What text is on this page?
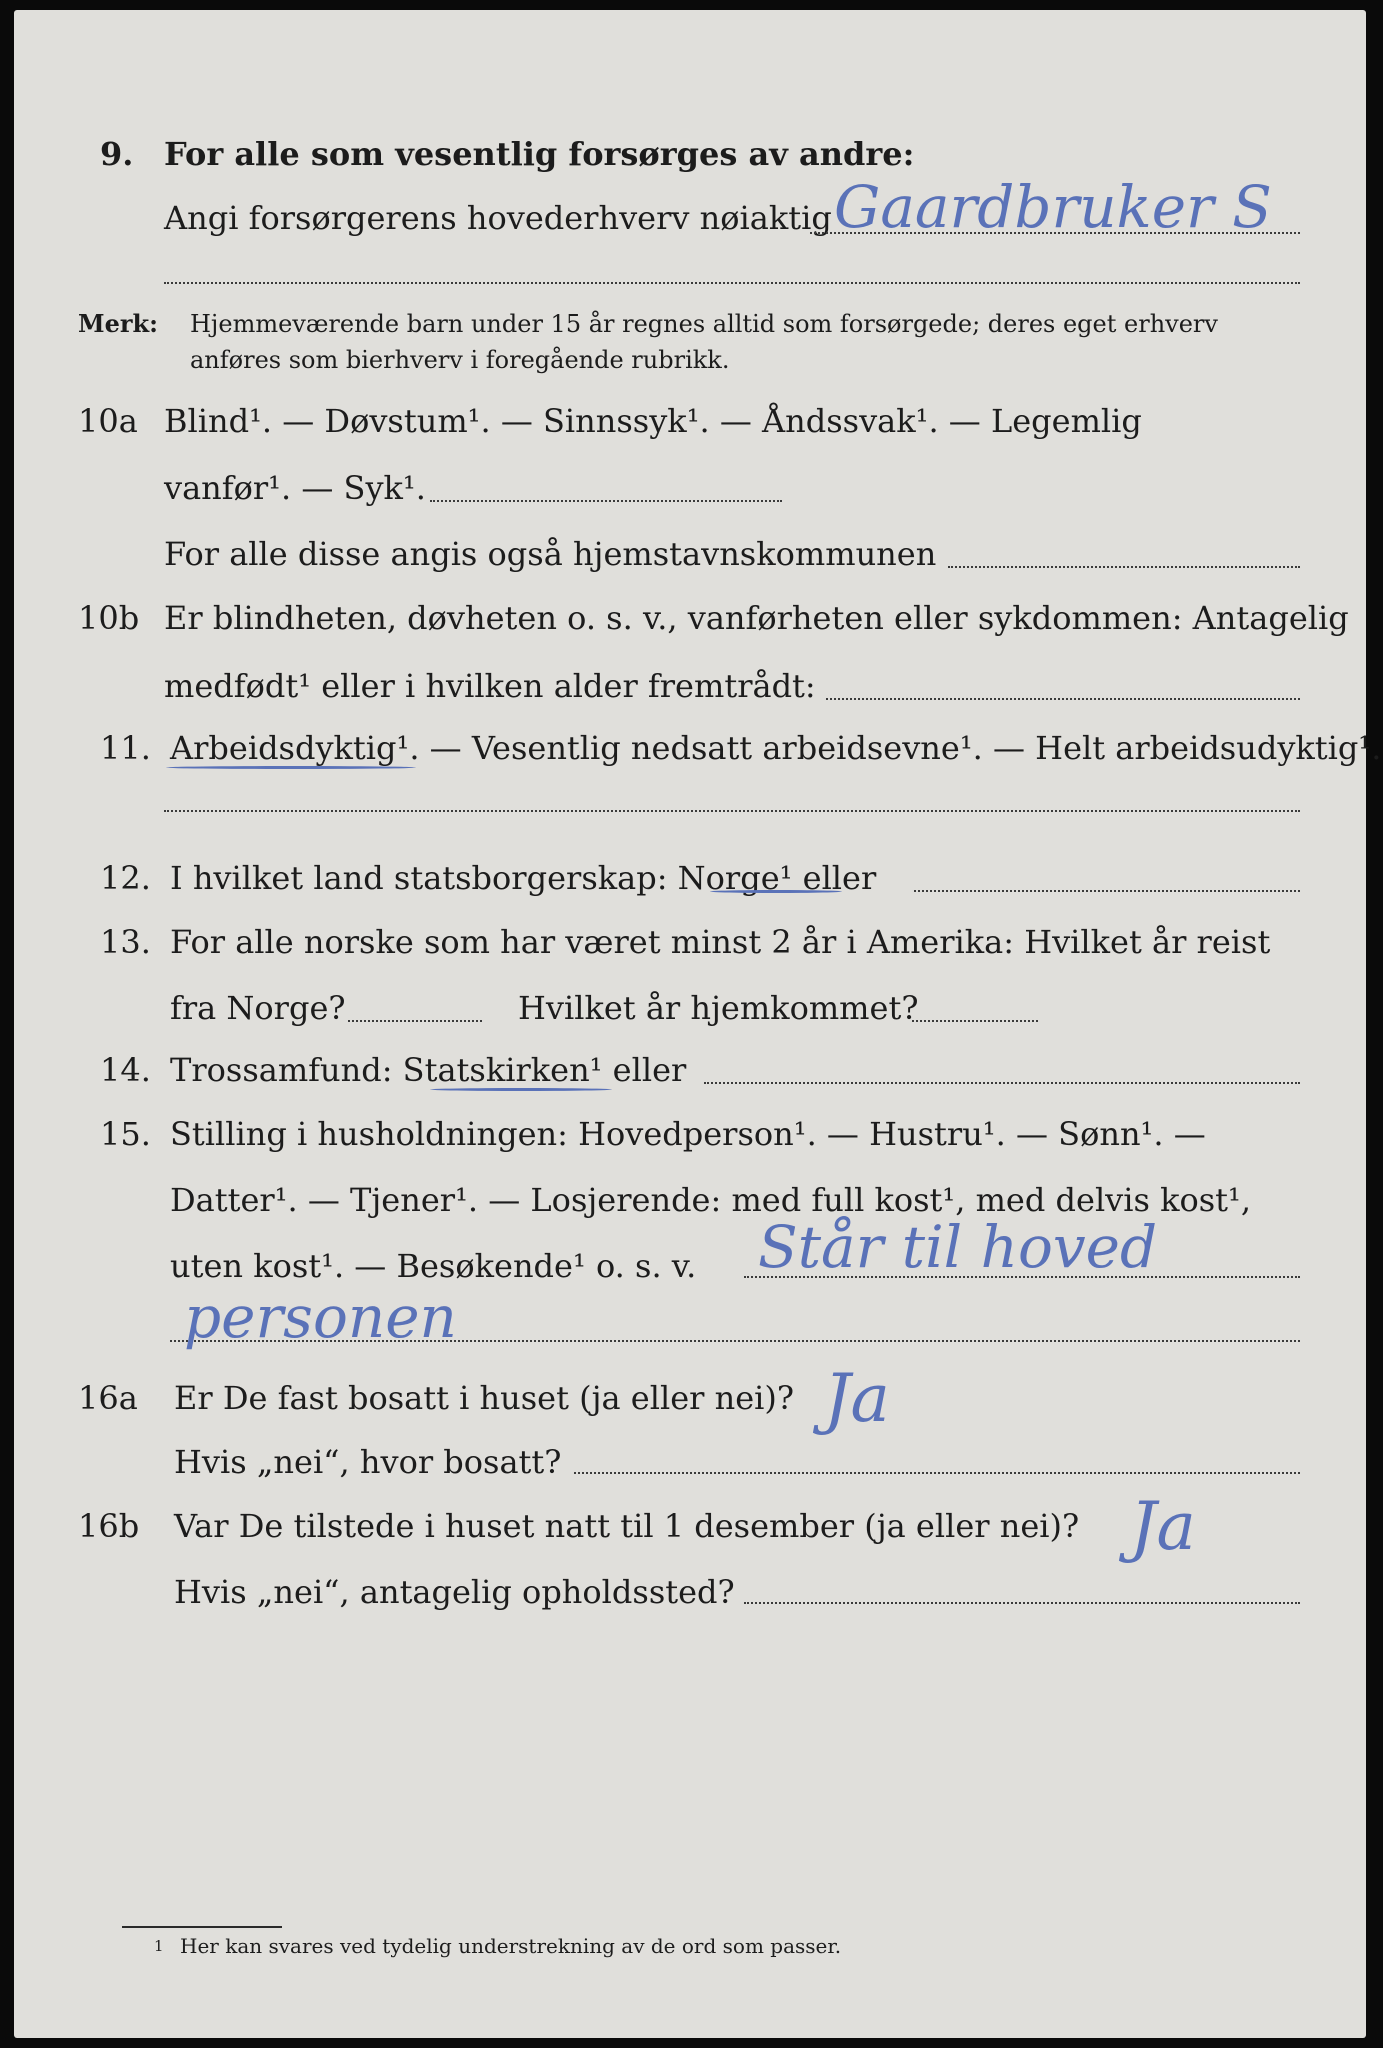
9. For alle som vesentlig forsørges av andre:
Angi forsørgerens hovederhverv nøiaktig Gaardbruker S
Merk: Hjemmeværende barn under 15 år regnes alltid som forsørgede; deres eget erhverv
anføres som bierhverv i foregående rubrikk.
10a Blind¹. — Døvstum¹. — Sinnssyk¹. — Åndssvak¹. — Legemlig
vanfør¹. — Syk¹.
For alle disse angis også hjemstavnskommunen
10b Er blindheten, døvheten o. s. v., vanførheten eller sykdommen: Antagelig
medfødt¹ eller i hvilken alder fremtrådt:
11. Arbeidsdyktig¹. — Vesentlig nedsatt arbeidsevne¹. — Helt arbeidsudyktig¹.
12. I hvilket land statsborgerskap: Norge¹ eller
13. For alle norske som har været minst 2 år i Amerika: Hvilket år reist
fra Norge?	Hvilket år hjemkommet?
14. Trossamfund: Statskirken¹ eller
15. Stilling i husholdningen: Hovedperson¹. — Hustru¹. — Sønn¹. —
Datter¹. — Tjener¹. — Losjerende: med full kost¹, med delvis kost¹,
uten kost¹. — Besøkende¹ o. s. v. Står til hoved
personen
16a Er De fast bosatt i huset (ja eller nei)? Ja
Hvis „nei“, hvor bosatt?
16b Var De tilstede i huset natt til 1 desember (ja eller nei)? Ja
Hvis „nei“, antagelig opholdssted?
1 Her kan svares ved tydelig understrekning av de ord som passer.
